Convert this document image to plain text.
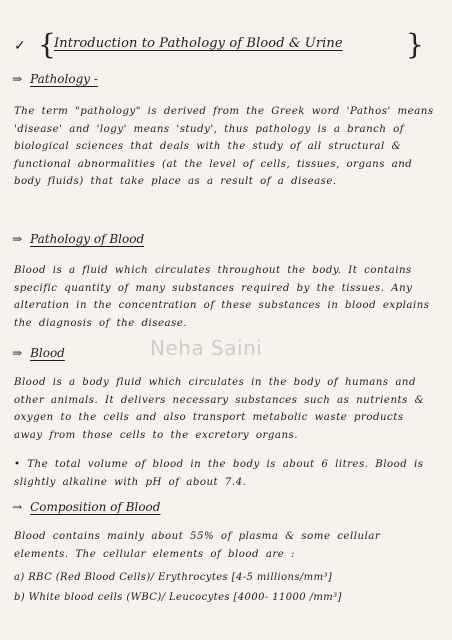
✓ {
Introduction to Pathology of Blood & Urine }
⇒ Pathology -
The term "pathology" is derived from the Greek word 'Pathos' means 'disease' and 'logy' means 'study', thus pathology is a branch of biological sciences that deals with the study of all structural & functional abnormalities (at the level of cells, tissues, organs and body fluids) that take place as a result of a disease.
⇒ Pathology of Blood
Blood is a fluid which circulates throughout the body. It contains specific quantity of many substances required by the tissues. Any alteration in the concentration of these substances in blood explains the diagnosis of the disease.
Neha Saini
⇒ Blood
Blood is a body fluid which circulates in the body of humans and other animals. It delivers necessary substances such as nutrients & oxygen to the cells and also transport metabolic waste products away from those cells to the excretory organs.
• The total volume of blood in the body is about 6 litres. Blood is slightly alkaline with pH of about 7.4.
→ Composition of Blood
Blood contains mainly about 55% of plasma & some cellular elements. The cellular elements of blood are :
a) RBC (Red Blood Cells)/ Erythrocytes [4-5 millions/mm³]
b) White blood cells (WBC)/ Leucocytes [4000- 11000 /mm³]
